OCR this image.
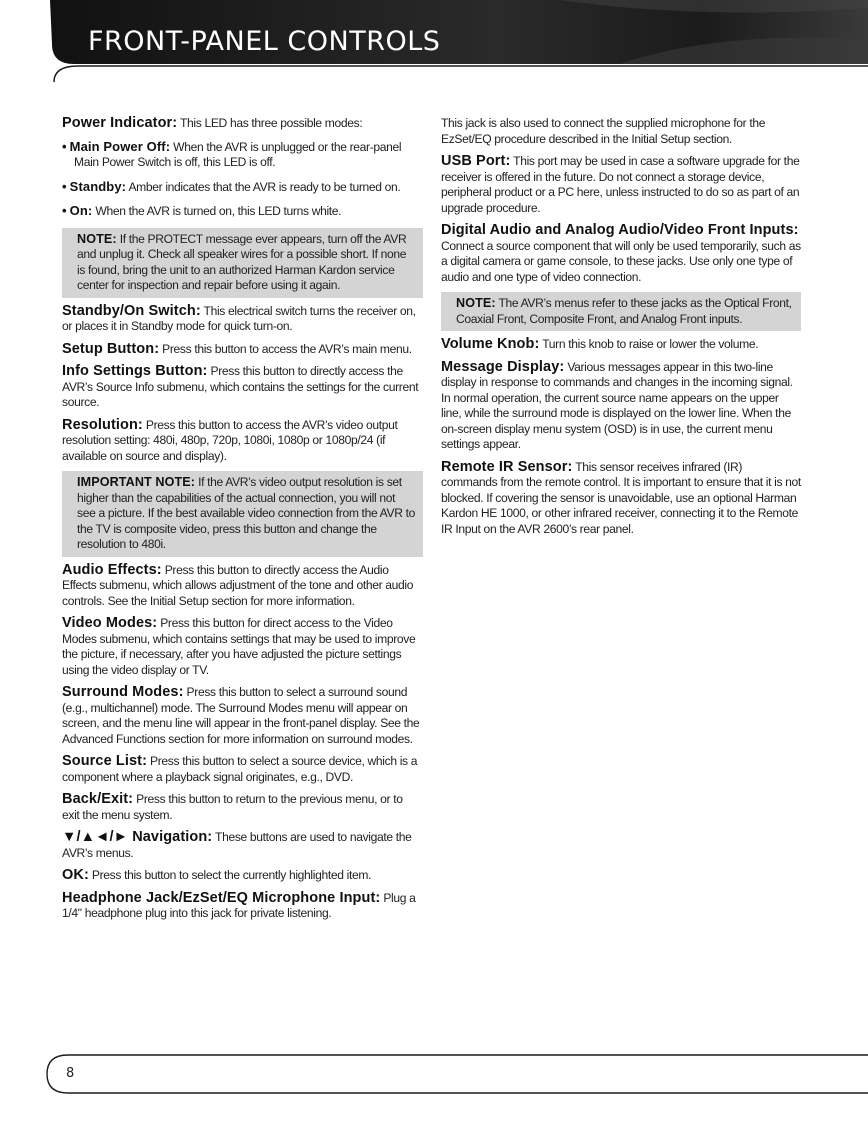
FRONT-PANEL CONTROLS

Power Indicator: This LED has three possible modes:

• Main Power Off: When the AVR is unplugged or the rear-panel Main Power Switch is off, this LED is off.

• Standby: Amber indicates that the AVR is ready to be turned on.

• On: When the AVR is turned on, this LED turns white.

NOTE: If the PROTECT message ever appears, turn off the AVR and unplug it. Check all speaker wires for a possible short. If none is found, bring the unit to an authorized Harman Kardon service center for inspection and repair before using it again.

Standby/On Switch: This electrical switch turns the receiver on, or places it in Standby mode for quick turn-on.

Setup Button: Press this button to access the AVR’s main menu.

Info Settings Button: Press this button to directly access the AVR’s Source Info submenu, which contains the settings for the current source.

Resolution: Press this button to access the AVR’s video output resolution setting: 480i, 480p, 720p, 1080i, 1080p or 1080p/24 (if available on source and display).

IMPORTANT NOTE: If the AVR’s video output resolution is set higher than the capabilities of the actual connection, you will not see a picture. If the best available video connection from the AVR to the TV is composite video, press this button and change the resolution to 480i.

Audio Effects: Press this button to directly access the Audio Effects submenu, which allows adjustment of the tone and other audio controls. See the Initial Setup section for more information.

Video Modes: Press this button for direct access to the Video Modes submenu, which contains settings that may be used to improve the picture, if necessary, after you have adjusted the picture settings using the video display or TV.

Surround Modes: Press this button to select a surround sound (e.g., multichannel) mode. The Surround Modes menu will appear on screen, and the menu line will appear in the front-panel display. See the Advanced Functions section for more information on surround modes.

Source List: Press this button to select a source device, which is a component where a playback signal originates, e.g., DVD.

Back/Exit: Press this button to return to the previous menu, or to exit the menu system.

▼/▲◄/► Navigation: These buttons are used to navigate the AVR’s menus.

OK: Press this button to select the currently highlighted item.

Headphone Jack/EzSet/EQ Microphone Input: Plug a 1/4" headphone plug into this jack for private listening.

This jack is also used to connect the supplied microphone for the EzSet/EQ procedure described in the Initial Setup section.

USB Port: This port may be used in case a software upgrade for the receiver is offered in the future. Do not connect a storage device, peripheral product or a PC here, unless instructed to do so as part of an upgrade procedure.

Digital Audio and Analog Audio/Video Front Inputs: Connect a source component that will only be used temporarily, such as a digital camera or game console, to these jacks. Use only one type of audio and one type of video connection.

NOTE: The AVR’s menus refer to these jacks as the Optical Front, Coaxial Front, Composite Front, and Analog Front inputs.

Volume Knob: Turn this knob to raise or lower the volume.

Message Display: Various messages appear in this two-line display in response to commands and changes in the incoming signal. In normal operation, the current source name appears on the upper line, while the surround mode is displayed on the lower line. When the on-screen display menu system (OSD) is in use, the current menu settings appear.

Remote IR Sensor: This sensor receives infrared (IR) commands from the remote control. It is important to ensure that it is not blocked. If covering the sensor is unavoidable, use an optional Harman Kardon HE 1000, or other infrared receiver, connecting it to the Remote IR Input on the AVR 2600’s rear panel.

8
